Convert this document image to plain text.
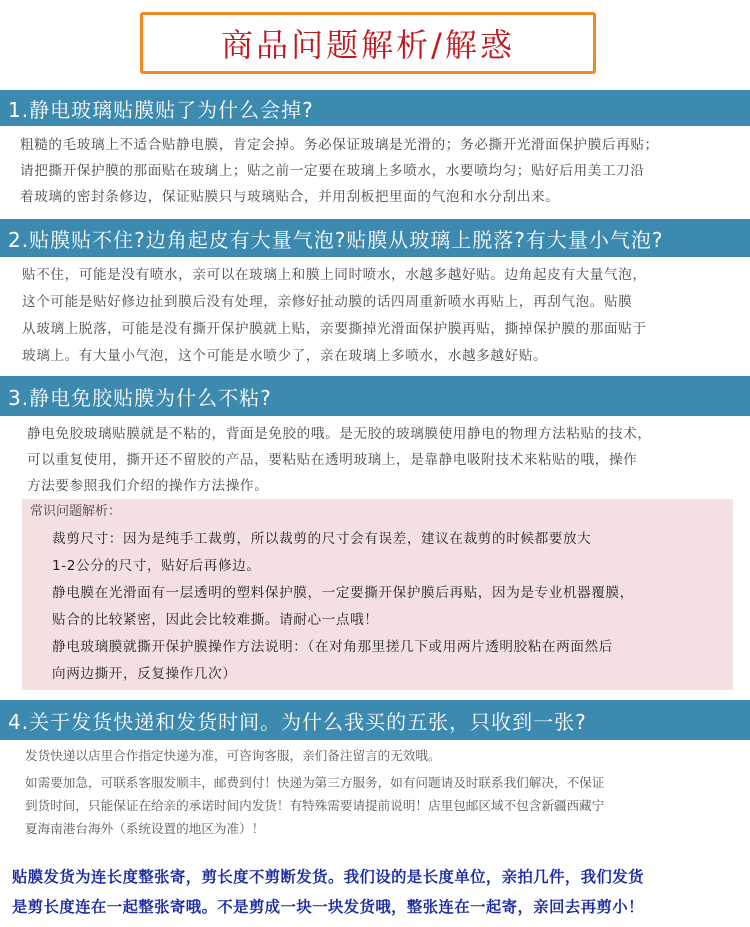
商品问题解析/解惑
1.静电玻璃贴膜贴了为什么会掉?
粗糙的毛玻璃上不适合贴静电膜，肯定会掉。务必保证玻璃是光滑的；务必撕开光滑面保护膜后再贴；
请把撕开保护膜的那面贴在玻璃上；贴之前一定要在玻璃上多喷水，水要喷均匀；贴好后用美工刀沿
着玻璃的密封条修边，保证贴膜只与玻璃贴合，并用刮板把里面的气泡和水分刮出来。
2.贴膜贴不住?边角起皮有大量气泡?贴膜从玻璃上脱落?有大量小气泡?
贴不住，可能是没有喷水，亲可以在玻璃上和膜上同时喷水，水越多越好贴。边角起皮有大量气泡，
这个可能是贴好修边扯到膜后没有处理，亲修好扯动膜的话四周重新喷水再贴上，再刮气泡。贴膜
从玻璃上脱落，可能是没有撕开保护膜就上贴，亲要撕掉光滑面保护膜再贴，撕掉保护膜的那面贴于
玻璃上。有大量小气泡，这个可能是水喷少了，亲在玻璃上多喷水，水越多越好贴。
3.静电免胶贴膜为什么不粘?
静电免胶玻璃贴膜就是不粘的，背面是免胶的哦。是无胶的玻璃膜使用静电的物理方法粘贴的技术，
可以重复使用，撕开还不留胶的产品，要粘贴在透明玻璃上，是靠静电吸附技术来粘贴的哦，操作
方法要参照我们介绍的操作方法操作。
常识问题解析：
裁剪尺寸：因为是纯手工裁剪，所以裁剪的尺寸会有误差，建议在裁剪的时候都要放大
1-2公分的尺寸，贴好后再修边。
静电膜在光滑面有一层透明的塑料保护膜，一定要撕开保护膜后再贴，因为是专业机器覆膜，
贴合的比较紧密，因此会比较难撕。请耐心一点哦！
静电玻璃膜就撕开保护膜操作方法说明：（在对角那里搓几下或用两片透明胶粘在两面然后
向两边撕开，反复操作几次）
4.关于发货快递和发货时间。为什么我买的五张，只收到一张?

发货快递以店里合作指定快递为准，可咨询客服，亲们备注留言的无效哦。

如需要加急，可联系客服发顺丰，邮费到付！快递为第三方服务，如有问题请及时联系我们解决，不保证

到货时间，只能保证在给亲的承诺时间内发货！有特殊需要请提前说明！店里包邮区域不包含新疆西藏宁

夏海南港台海外（系统设置的地区为准）！

贴膜发货为连长度整张寄，剪长度不剪断发货。我们设的是长度单位，亲拍几件，我们发货
是剪长度连在一起整张寄哦。不是剪成一块一块发货哦，整张连在一起寄，亲回去再剪小！
